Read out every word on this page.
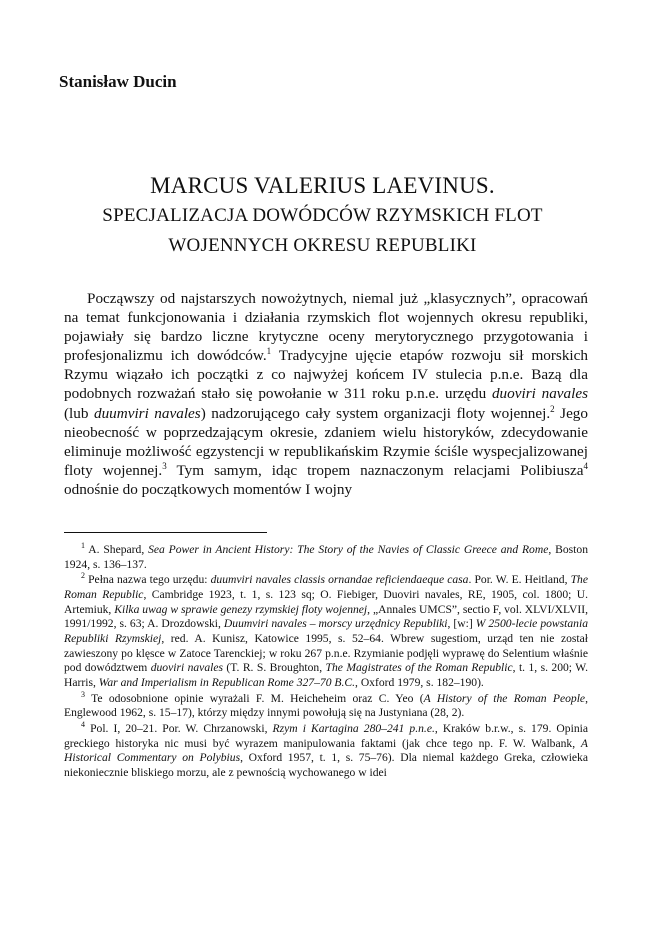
Stanisław Ducin
MARCUS VALERIUS LAEVINUS.
SPECJALIZACJA DOWÓDCÓW RZYMSKICH FLOT
WOJENNYCH OKRESU REPUBLIKI

Począwszy od najstarszych nowożytnych, niemal już „klasycznych”, opracowań na temat funkcjonowania i działania rzymskich flot wojennych okresu republiki, pojawiały się bardzo liczne krytyczne oceny merytorycznego przygotowania i profesjonalizmu ich dowódców.$^1$ Tradycyjne ujęcie etapów rozwoju sił morskich Rzymu wiązało ich początki z co najwyżej końcem IV stulecia p.n.e. Bazą dla podobnych rozważań stało się powołanie w 311 roku p.n.e. urzędu duoviri navales (lub duumviri navales) nadzorującego cały system organizacji floty wojennej.$^2$ Jego nieobecność w poprzedzającym okresie, zdaniem wielu historyków, zdecydowanie eliminuje możliwość egzystencji w republikańskim Rzymie ściśle wyspecjalizowanej floty wojennej.$^3$ Tym samym, idąc tropem naznaczonym relacjami Polibiusza$^4$ odnośnie do początkowych momentów I wojny

$^1$ A. Shepard, Sea Power in Ancient History: The Story of the Navies of Classic Greece and Rome, Boston 1924, s. 136–137.

$^2$ Pełna nazwa tego urzędu: duumviri navales classis ornandae reficiendaeque casa. Por. W. E. Heitland, The Roman Republic, Cambridge 1923, t. 1, s. 123 sq; O. Fiebiger, Duoviri navales, RE, 1905, col. 1800; U. Artemiuk, Kilka uwag w sprawie genezy rzymskiej floty wojennej, „Annales UMCS”, sectio F, vol. XLVI/XLVII, 1991/1992, s. 63; A. Drozdowski, Duumviri navales – morscy urzędnicy Republiki, [w:] W 2500-lecie powstania Republiki Rzymskiej, red. A. Kunisz, Katowice 1995, s. 52–64. Wbrew sugestiom, urząd ten nie został zawieszony po klęsce w Zatoce Tarenckiej; w roku 267 p.n.e. Rzymianie podjęli wyprawę do Selentium właśnie pod dowództwem duoviri navales (T. R. S. Broughton, The Magistrates of the Roman Republic, t. 1, s. 200; W. Harris, War and Imperialism in Republican Rome 327–70 B.C., Oxford 1979, s. 182–190).

$^3$ Te odosobnione opinie wyrażali F. M. Heicheheim oraz C. Yeo (A History of the Roman People, Englewood 1962, s. 15–17), którzy między innymi powołują się na Justyniana (28, 2).

$^4$ Pol. I, 20–21. Por. W. Chrzanowski, Rzym i Kartagina 280–241 p.n.e., Kraków b.r.w., s. 179. Opinia greckiego historyka nic musi być wyrazem manipulowania faktami (jak chce tego np. F. W. Walbank, A Historical Commentary on Polybius, Oxford 1957, t. 1, s. 75–76). Dla niemal każdego Greka, człowieka niekoniecznie bliskiego morzu, ale z pewnością wychowanego w idei
